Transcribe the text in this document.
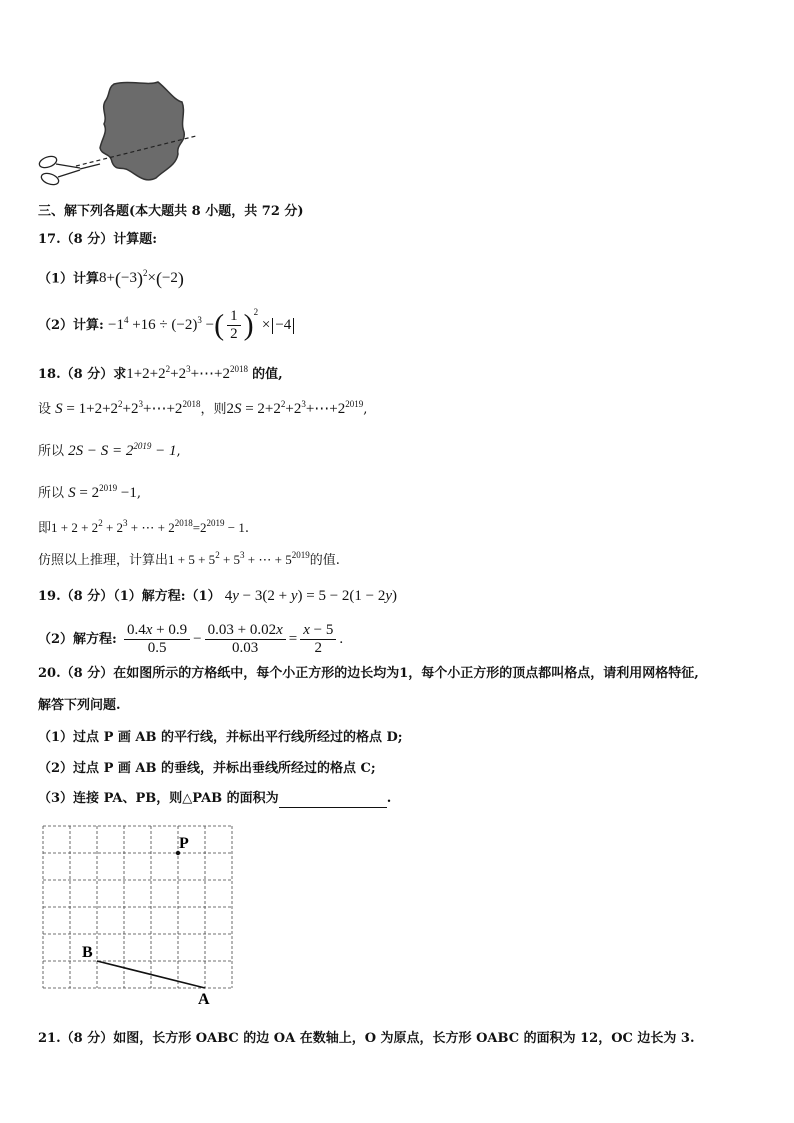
三、解下列各题(本大题共 8 小题，共 72 分)
17.（8 分）计算题:
（1）计算$8+(-3)^2\times(-2)$
（2）计算: $-1^4 +16 \div (-2)^3$ −( $\frac{1}{2} )^2 \times -4$
18.（8 分）求$1+2+2^2+2^3+\cdots+2^{2018}$ 的值,
设 $S = 1+2+2^2+2^3+\cdots+2^{2018}$，则$2S = 2+2^2+2^3+\cdots+2^{2019}$,
所以 $2S - S = 2^{2019} - 1$,
所以 $S = 2^{2019} -1$,
即$1 + 2 + 2^2 + 2^3$ + ⋯ + $2^{2018}=2^{2019} - 1$.
仿照以上推理，计算出$1 + 5 + 5^2 + 5^3$ + ⋯ + $5^{2019}$的值.
19.（8 分）（1）解方程:（1） 4y − 3(2 + y) = 5 − 2(1 − 2y)
（2）解方程: $\frac{0.4x + 0.9}{0.5} - \frac{0.03 + 0.02x}{0.03} = \frac{x - 5}{2}$ .
20.（8 分）在如图所示的方格纸中，每个小正方形的边长均为1，每个小正方形的顶点都叫格点，请利用网格特征,
解答下列问题.
（1）过点 P 画 AB 的平行线，并标出平行线所经过的格点 D;
（2）过点 P 画 AB 的垂线，并标出垂线所经过的格点 C;
（3）连接 PA、PB，则△PAB 的面积为	.
P
B
A
21.（8 分）如图，长方形 OABC 的边 OA 在数轴上，O 为原点，长方形 OABC 的面积为 12，OC 边长为 3.
